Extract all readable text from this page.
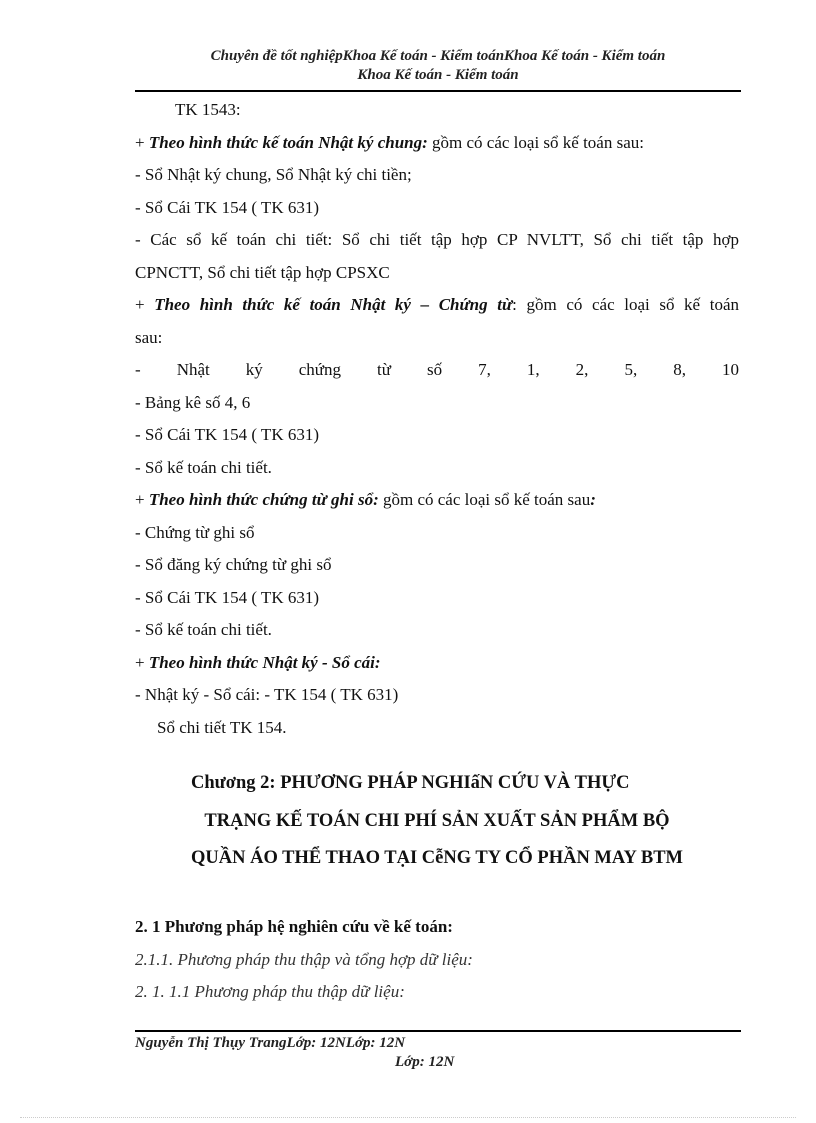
Chuyên đề tốt nghiệpKhoa Kế toán - Kiểm toánKhoa Kế toán - Kiểm toán
Khoa Kế toán - Kiểm toán
TK 1543:
+ Theo hình thức kế toán Nhật ký chung: gồm có các loại sổ kế toán sau:
- Sổ Nhật ký chung, Sổ Nhật ký chi tiền;
- Sổ Cái TK 154 ( TK 631)
- Các sổ kế toán chi tiết: Sổ chi tiết tập hợp CP NVLTT, Sổ chi tiết tập hợp
CPNCTT, Sổ chi tiết tập hợp CPSXC
+ Theo hình thức kế toán Nhật ký – Chứng từ: gồm có các loại sổ kế toán
sau:
- Nhật ký chứng từ số 7, 1, 2, 5, 8, 10
- Bảng kê số 4, 6
- Sổ Cái TK 154 ( TK 631)
- Sổ kế toán chi tiết.
+ Theo hình thức chứng từ ghi sổ: gồm có các loại sổ kế toán sau:
- Chứng từ ghi sổ
- Sổ đăng ký chứng từ ghi sổ
- Sổ Cái TK 154 ( TK 631)
- Sổ kế toán chi tiết.
+ Theo hình thức Nhật ký - Sổ cái:
- Nhật ký - Sổ cái: - TK 154 ( TK 631)
Sổ chi tiết TK 154.
Chương 2: PHƯƠNG PHÁP NGHIấN CỨU VÀ THỰC
TRẠNG KẾ TOÁN CHI PHÍ SẢN XUẤT SẢN PHẨM BỘ
QUẦN ÁO THỂ THAO TẠI CễNG TY CỔ PHẦN MAY BTM
2. 1 Phương pháp hệ nghiên cứu về kế toán:
2.1.1. Phương pháp thu thập và tổng hợp dữ liệu:
2. 1. 1.1 Phương pháp thu thập dữ liệu:
Nguyễn Thị Thụy TrangLớp: 12NLớp: 12N
Lớp: 12N
